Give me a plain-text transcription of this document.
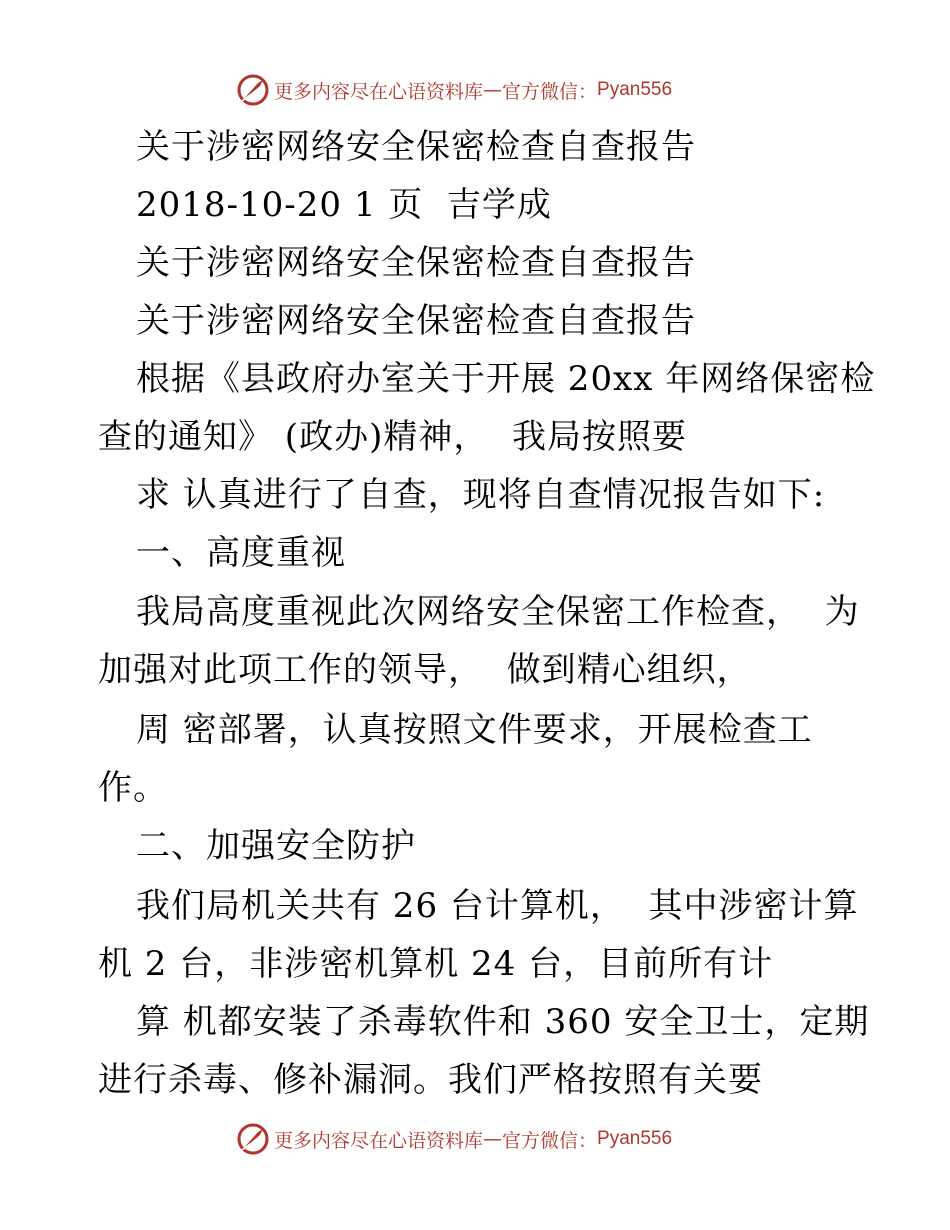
更多内容尽在心语资料库 — 官方微信： Pyan556
关于涉密网络安全保密检查自查报告
2018-10-20 1 页  吉学成
关于涉密网络安全保密检查自查报告
关于涉密网络安全保密检查自查报告
根据《县政府办室关于开展 20xx 年网络保密检
查的通知》 (政办)精神，  我局按照要
求 认真进行了自查，现将自查情况报告如下:
一、高度重视
我局高度重视此次网络安全保密工作检查，  为
加强对此项工作的领导，  做到精心组织，
周 密部署，认真按照文件要求，开展检查工
作。
二、加强安全防护
我们局机关共有 26 台计算机，  其中涉密计算
机 2 台，非涉密机算机 24 台，目前所有计
算 机都安装了杀毒软件和 360 安全卫士，定期
进行杀毒、修补漏洞。我们严格按照有关要
更多内容尽在心语资料库 — 官方微信： Pyan556
